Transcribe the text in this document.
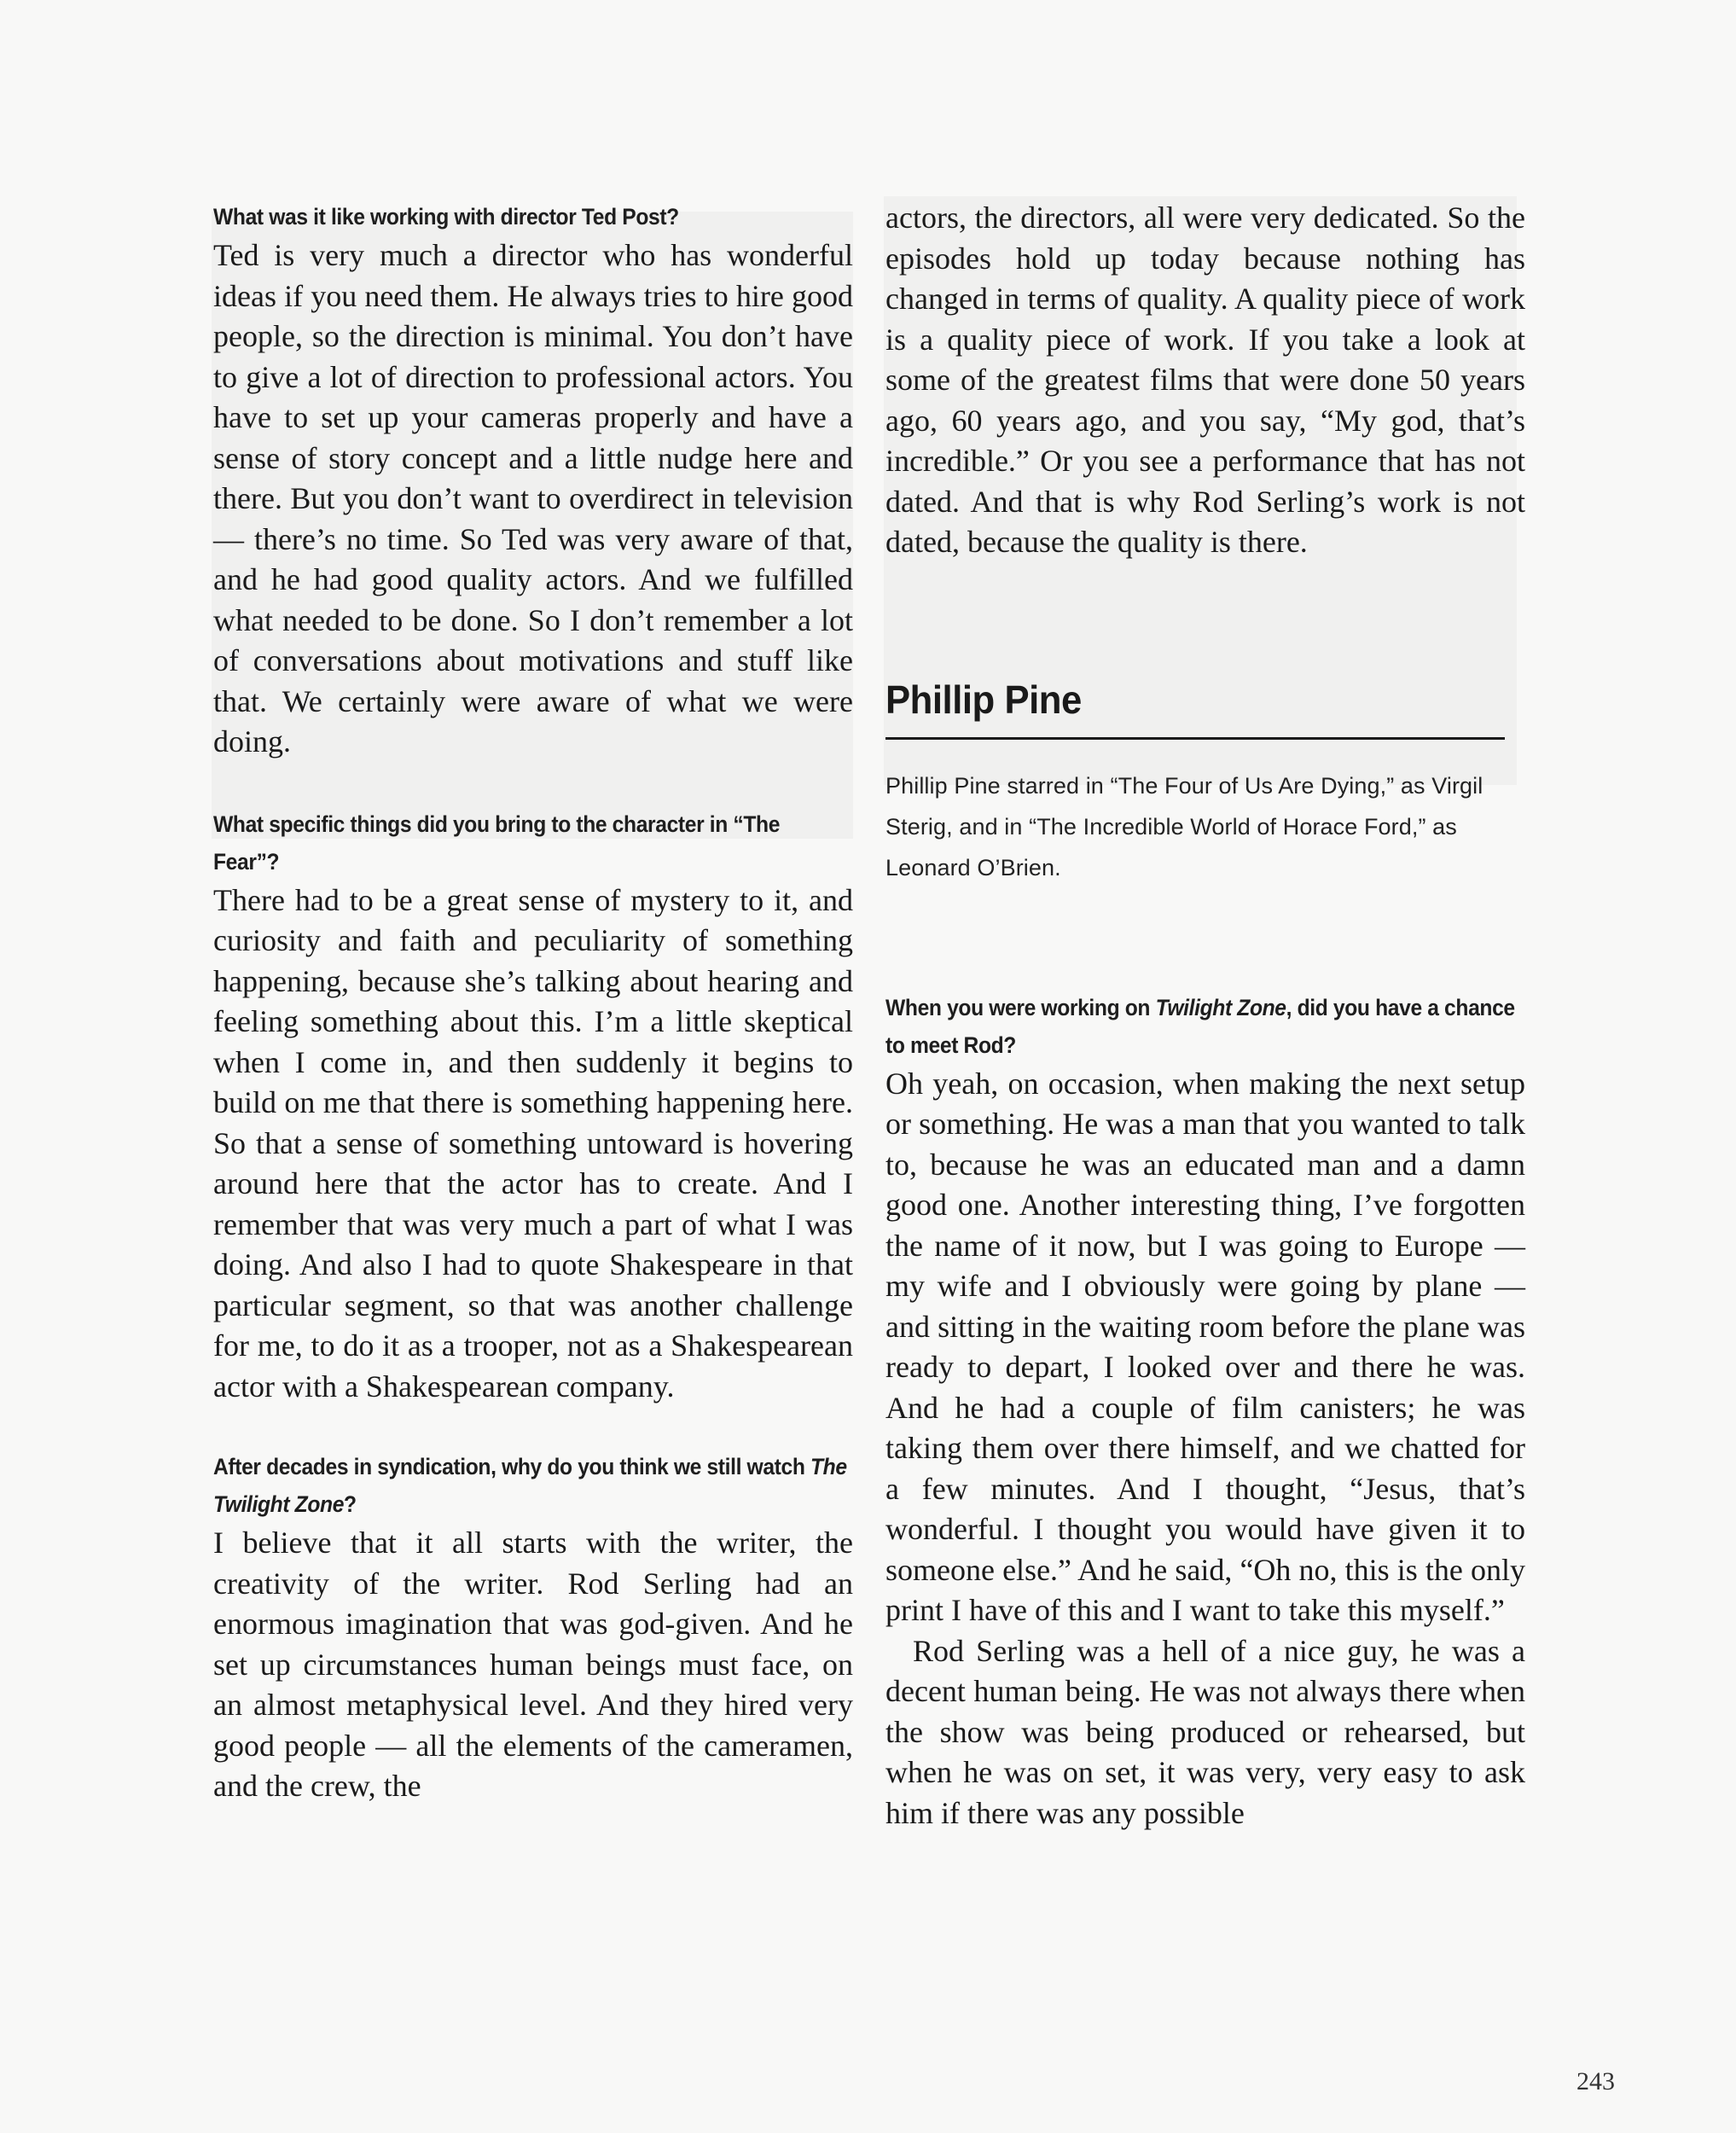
What was it like working with director Ted Post?

Ted is very much a director who has wonderful ideas if you need them. He always tries to hire good people, so the direction is minimal. You don’t have to give a lot of direction to professional actors. You have to set up your cameras properly and have a sense of story concept and a little nudge here and there. But you don’t want to overdirect in television — there’s no time. So Ted was very aware of that, and he had good quality actors. And we fulfilled what needed to be done. So I don’t remember a lot of conversations about motivations and stuff like that. We certainly were aware of what we were doing.

What specific things did you bring to the character in “The Fear”?

There had to be a great sense of mystery to it, and curiosity and faith and peculiarity of something happening, because she’s talking about hearing and feeling something about this. I’m a little skeptical when I come in, and then suddenly it begins to build on me that there is something happening here. So that a sense of something untoward is hovering around here that the actor has to create. And I remember that was very much a part of what I was doing. And also I had to quote Shakespeare in that particular segment, so that was another challenge for me, to do it as a trooper, not as a Shakespearean actor with a Shakespearean company.

After decades in syndication, why do you think we still watch The Twilight Zone?

I believe that it all starts with the writer, the creativity of the writer. Rod Serling had an enormous imagination that was god-given. And he set up circumstances human beings must face, on an almost metaphysical level. And they hired very good people — all the elements of the cameramen, and the crew, the

actors, the directors, all were very dedicated. So the episodes hold up today because nothing has changed in terms of quality. A quality piece of work is a quality piece of work. If you take a look at some of the greatest films that were done 50 years ago, 60 years ago, and you say, “My god, that’s incredible.” Or you see a performance that has not dated. And that is why Rod Serling’s work is not dated, because the quality is there.

Phillip Pine

Phillip Pine starred in “The Four of Us Are Dying,” as Virgil Sterig, and in “The Incredible World of Horace Ford,” as Leonard O’Brien.

When you were working on Twilight Zone, did you have a chance to meet Rod?

Oh yeah, on occasion, when making the next setup or something. He was a man that you wanted to talk to, because he was an educated man and a damn good one. Another interesting thing, I’ve forgotten the name of it now, but I was going to Europe — my wife and I obviously were going by plane — and sitting in the waiting room before the plane was ready to depart, I looked over and there he was. And he had a couple of film canisters; he was taking them over there himself, and we chatted for a few minutes. And I thought, “Jesus, that’s wonderful. I thought you would have given it to someone else.” And he said, “Oh no, this is the only print I have of this and I want to take this myself.”

Rod Serling was a hell of a nice guy, he was a decent human being. He was not always there when the show was being produced or rehearsed, but when he was on set, it was very, very easy to ask him if there was any possible

243
